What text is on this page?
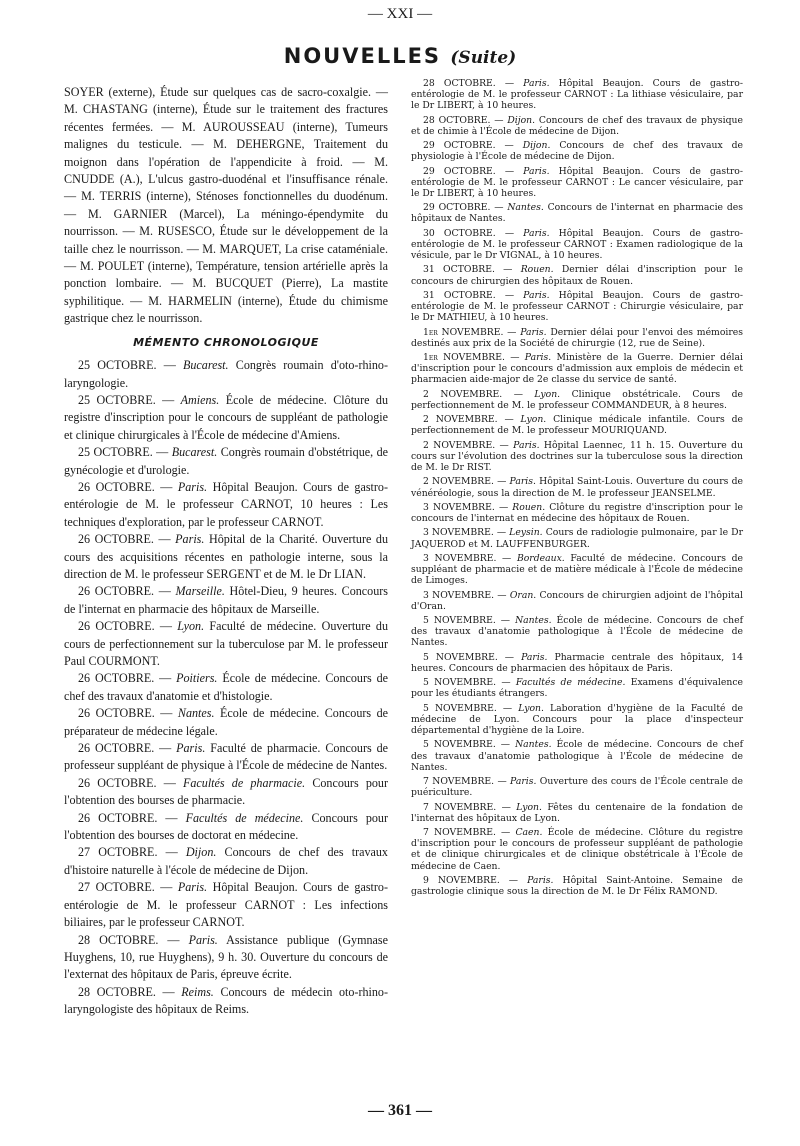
— XXI —
NOUVELLES (Suite)

SOYER (externe), Étude sur quelques cas de sacro-coxalgie. — M. CHASTANG (interne), Étude sur le traitement des fractures récentes fermées. — M. AUROUSSEAU (interne), Tumeurs malignes du testicule. — M. DEHERGNE, Traitement du moignon dans l'opération de l'appendicite à froid. — M. CNUDDE (A.), L'ulcus gastro-duodénal et l'insuffisance rénale. — M. TERRIS (interne), Sténoses fonctionnelles du duodénum. — M. GARNIER (Marcel), La méningo-épendymite du nourrisson. — M. RUSESCO, Étude sur le développement de la taille chez le nourrisson. — M. MARQUET, La crise cataméniale. — M. POULET (interne), Température, tension artérielle après la ponction lombaire. — M. BUCQUET (Pierre), La mastite syphilitique. — M. HARMELIN (interne), Étude du chimisme gastrique chez le nourrisson.

MÉMENTO CHRONOLOGIQUE

25 OCTOBRE. — Bucarest. Congrès roumain d'oto-rhino-laryngologie.

25 OCTOBRE. — Amiens. École de médecine. Clôture du registre d'inscription pour le concours de suppléant de pathologie et clinique chirurgicales à l'École de médecine d'Amiens.

25 OCTOBRE. — Bucarest. Congrès roumain d'obstétrique, de gynécologie et d'urologie.

26 OCTOBRE. — Paris. Hôpital Beaujon. Cours de gastro-entérologie de M. le professeur CARNOT, 10 heures : Les techniques d'exploration, par le professeur CARNOT.

26 OCTOBRE. — Paris. Hôpital de la Charité. Ouverture du cours des acquisitions récentes en pathologie interne, sous la direction de M. le professeur SERGENT et de M. le Dr LIAN.

26 OCTOBRE. — Marseille. Hôtel-Dieu, 9 heures. Concours de l'internat en pharmacie des hôpitaux de Marseille.

26 OCTOBRE. — Lyon. Faculté de médecine. Ouverture du cours de perfectionnement sur la tuberculose par M. le professeur Paul COURMONT.

26 OCTOBRE. — Poitiers. École de médecine. Concours de chef des travaux d'anatomie et d'histologie.

26 OCTOBRE. — Nantes. École de médecine. Concours de préparateur de médecine légale.

26 OCTOBRE. — Paris. Faculté de pharmacie. Concours de professeur suppléant de physique à l'École de médecine de Nantes.

26 OCTOBRE. — Facultés de pharmacie. Concours pour l'obtention des bourses de pharmacie.

26 OCTOBRE. — Facultés de médecine. Concours pour l'obtention des bourses de doctorat en médecine.

27 OCTOBRE. — Dijon. Concours de chef des travaux d'histoire naturelle à l'école de médecine de Dijon.

27 OCTOBRE. — Paris. Hôpital Beaujon. Cours de gastro-entérologie de M. le professeur CARNOT : Les infections biliaires, par le professeur CARNOT.

28 OCTOBRE. — Paris. Assistance publique (Gymnase Huyghens, 10, rue Huyghens), 9 h. 30. Ouverture du concours de l'externat des hôpitaux de Paris, épreuve écrite.

28 OCTOBRE. — Reims. Concours de médecin oto-rhino-laryngologiste des hôpitaux de Reims.

28 OCTOBRE. — Paris. Hôpital Beaujon. Cours de gastro-entérologie de M. le professeur CARNOT : La lithiase vésiculaire, par le Dr LIBERT, à 10 heures.

28 OCTOBRE. — Dijon. Concours de chef des travaux de physique et de chimie à l'École de médecine de Dijon.

29 OCTOBRE. — Dijon. Concours de chef des travaux de physiologie à l'École de médecine de Dijon.

29 OCTOBRE. — Paris. Hôpital Beaujon. Cours de gastro-entérologie de M. le professeur CARNOT : Le cancer vésiculaire, par le Dr LIBERT, à 10 heures.

29 OCTOBRE. — Nantes. Concours de l'internat en pharmacie des hôpitaux de Nantes.

30 OCTOBRE. — Paris. Hôpital Beaujon. Cours de gastro-entérologie de M. le professeur CARNOT : Examen radiologique de la vésicule, par le Dr VIGNAL, à 10 heures.

31 OCTOBRE. — Rouen. Dernier délai d'inscription pour le concours de chirurgien des hôpitaux de Rouen.

31 OCTOBRE. — Paris. Hôpital Beaujon. Cours de gastro-entérologie de M. le professeur CARNOT : Chirurgie vésiculaire, par le Dr MATHIEU, à 10 heures.

1er NOVEMBRE. — Paris. Dernier délai pour l'envoi des mémoires destinés aux prix de la Société de chirurgie (12, rue de Seine).

1er NOVEMBRE. — Paris. Ministère de la Guerre. Dernier délai d'inscription pour le concours d'admission aux emplois de médecin et pharmacien aide-major de 2e classe du service de santé.

2 NOVEMBRE. — Lyon. Clinique obstétricale. Cours de perfectionnement de M. le professeur COMMANDEUR, à 8 heures.

2 NOVEMBRE. — Lyon. Clinique médicale infantile. Cours de perfectionnement de M. le professeur MOURIQUAND.

2 NOVEMBRE. — Paris. Hôpital Laennec, 11 h. 15. Ouverture du cours sur l'évolution des doctrines sur la tuberculose sous la direction de M. le Dr RIST.

2 NOVEMBRE. — Paris. Hôpital Saint-Louis. Ouverture du cours de vénéréologie, sous la direction de M. le professeur JEANSELME.

3 NOVEMBRE. — Rouen. Clôture du registre d'inscription pour le concours de l'internat en médecine des hôpitaux de Rouen.

3 NOVEMBRE. — Leysin. Cours de radiologie pulmonaire, par le Dr JAQUEROD et M. LAUFFENBURGER.

3 NOVEMBRE. — Bordeaux. Faculté de médecine. Concours de suppléant de pharmacie et de matière médicale à l'École de médecine de Limoges.

3 NOVEMBRE. — Oran. Concours de chirurgien adjoint de l'hôpital d'Oran.

5 NOVEMBRE. — Nantes. École de médecine. Concours de chef des travaux d'anatomie pathologique à l'École de médecine de Nantes.

5 NOVEMBRE. — Paris. Pharmacie centrale des hôpitaux, 14 heures. Concours de pharmacien des hôpitaux de Paris.

5 NOVEMBRE. — Facultés de médecine. Examens d'équivalence pour les étudiants étrangers.

5 NOVEMBRE. — Lyon. Laboration d'hygiène de la Faculté de médecine de Lyon. Concours pour la place d'inspecteur départemental d'hygiène de la Loire.

5 NOVEMBRE. — Nantes. École de médecine. Concours de chef des travaux d'anatomie pathologique à l'École de médecine de Nantes.

7 NOVEMBRE. — Paris. Ouverture des cours de l'École centrale de puériculture.

7 NOVEMBRE. — Lyon. Fêtes du centenaire de la fondation de l'internat des hôpitaux de Lyon.

7 NOVEMBRE. — Caen. École de médecine. Clôture du registre d'inscription pour le concours de professeur suppléant de pathologie et de clinique chirurgicales et de clinique obstétricale à l'École de médecine de Caen.

9 NOVEMBRE. — Paris. Hôpital Saint-Antoine. Semaine de gastrologie clinique sous la direction de M. le Dr Félix RAMOND.

— 361 —
